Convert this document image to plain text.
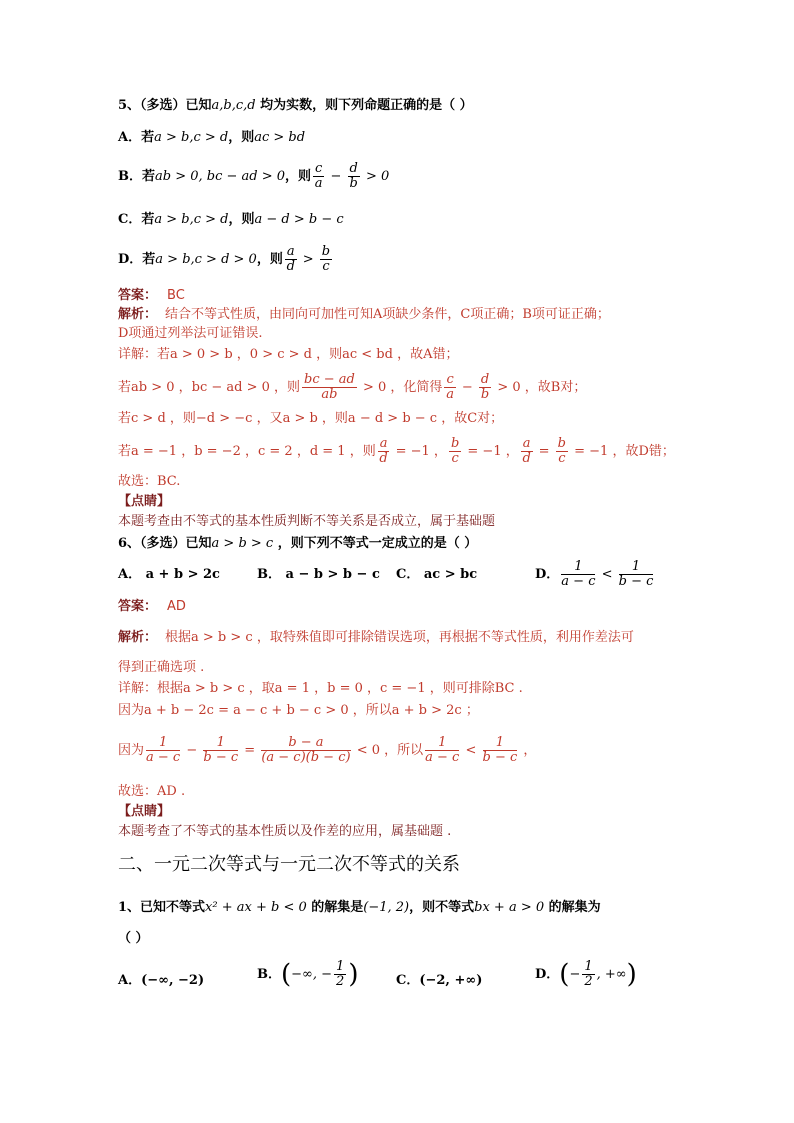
5、（多选）已知a,b,c,d 均为实数，则下列命题正确的是（ ）
A．若a > b,c > d，则ac > bd
B．若ab > 0, bc − ad > 0，则 $\frac{c}{a} - \frac{d}{b} > 0$
C．若a > b,c > d，则a − d > b − c
D．若a > b,c > d > 0，则 $\frac{a}{d} > \frac{b}{c}$
答案： BC
解析： 结合不等式性质，由同向可加性可知A项缺少条件，C项正确；B项可证正确；
D项通过列举法可证错误.
详解：若a > 0 > b ，0 > c > d ，则ac < bd ，故A错；
若ab > 0 ，bc − ad > 0 ，则 $\frac{bc - ad}{ab} > 0$ ，化简得 $\frac{c}{a} - \frac{d}{b} > 0$ ，故B对；
若c > d ，则−d > −c ，又a > b ，则a − d > b − c ，故C对；
若a = −1 ，b = −2 ，c = 2 ，d = 1 ，则 $\frac{a}{d} = -1$ ， $\frac{b}{c} = -1$ ， $\frac{a}{d} = \frac{b}{c} = -1$ ，故D错；
故选：BC.
【点睛】
本题考查由不等式的基本性质判断不等关系是否成立，属于基础题
6、（多选）已知a > b > c ，则下列不等式一定成立的是（ ）
A． a + b > 2c	B． a − b > b − c C． ac > bc	D． $\frac{1}{a - c} < \frac{1}{b - c}$
答案： AD
解析： 根据a > b > c ，取特殊值即可排除错误选项，再根据不等式性质，利用作差法可
得到正确选项 .
详解：根据a > b > c ，取a = 1 ，b = 0 ，c = −1 ，则可排除BC .
因为a + b − 2c = a − c + b − c > 0 ，所以a + b > 2c ；
因为 $\frac{1}{a - c} - \frac{1}{b - c} = \frac{b - a}{(a - c)(b - c)} < 0$ ，所以 $\frac{1}{a - c} < \frac{1}{b - c}$ ，
故选：AD .
【点睛】
本题考查了不等式的基本性质以及作差的应用，属基础题 .
二、一元二次等式与一元二次不等式的关系
1、已知不等式x² + ax + b < 0 的解集是(−1, 2)，则不等式bx + a > 0 的解集为
（ ）
A．(−∞, −2)	B．(−∞, − $\frac{1}{2}$ )	C．(−2, +∞)	D．(− $\frac{1}{2}$ , +∞)
